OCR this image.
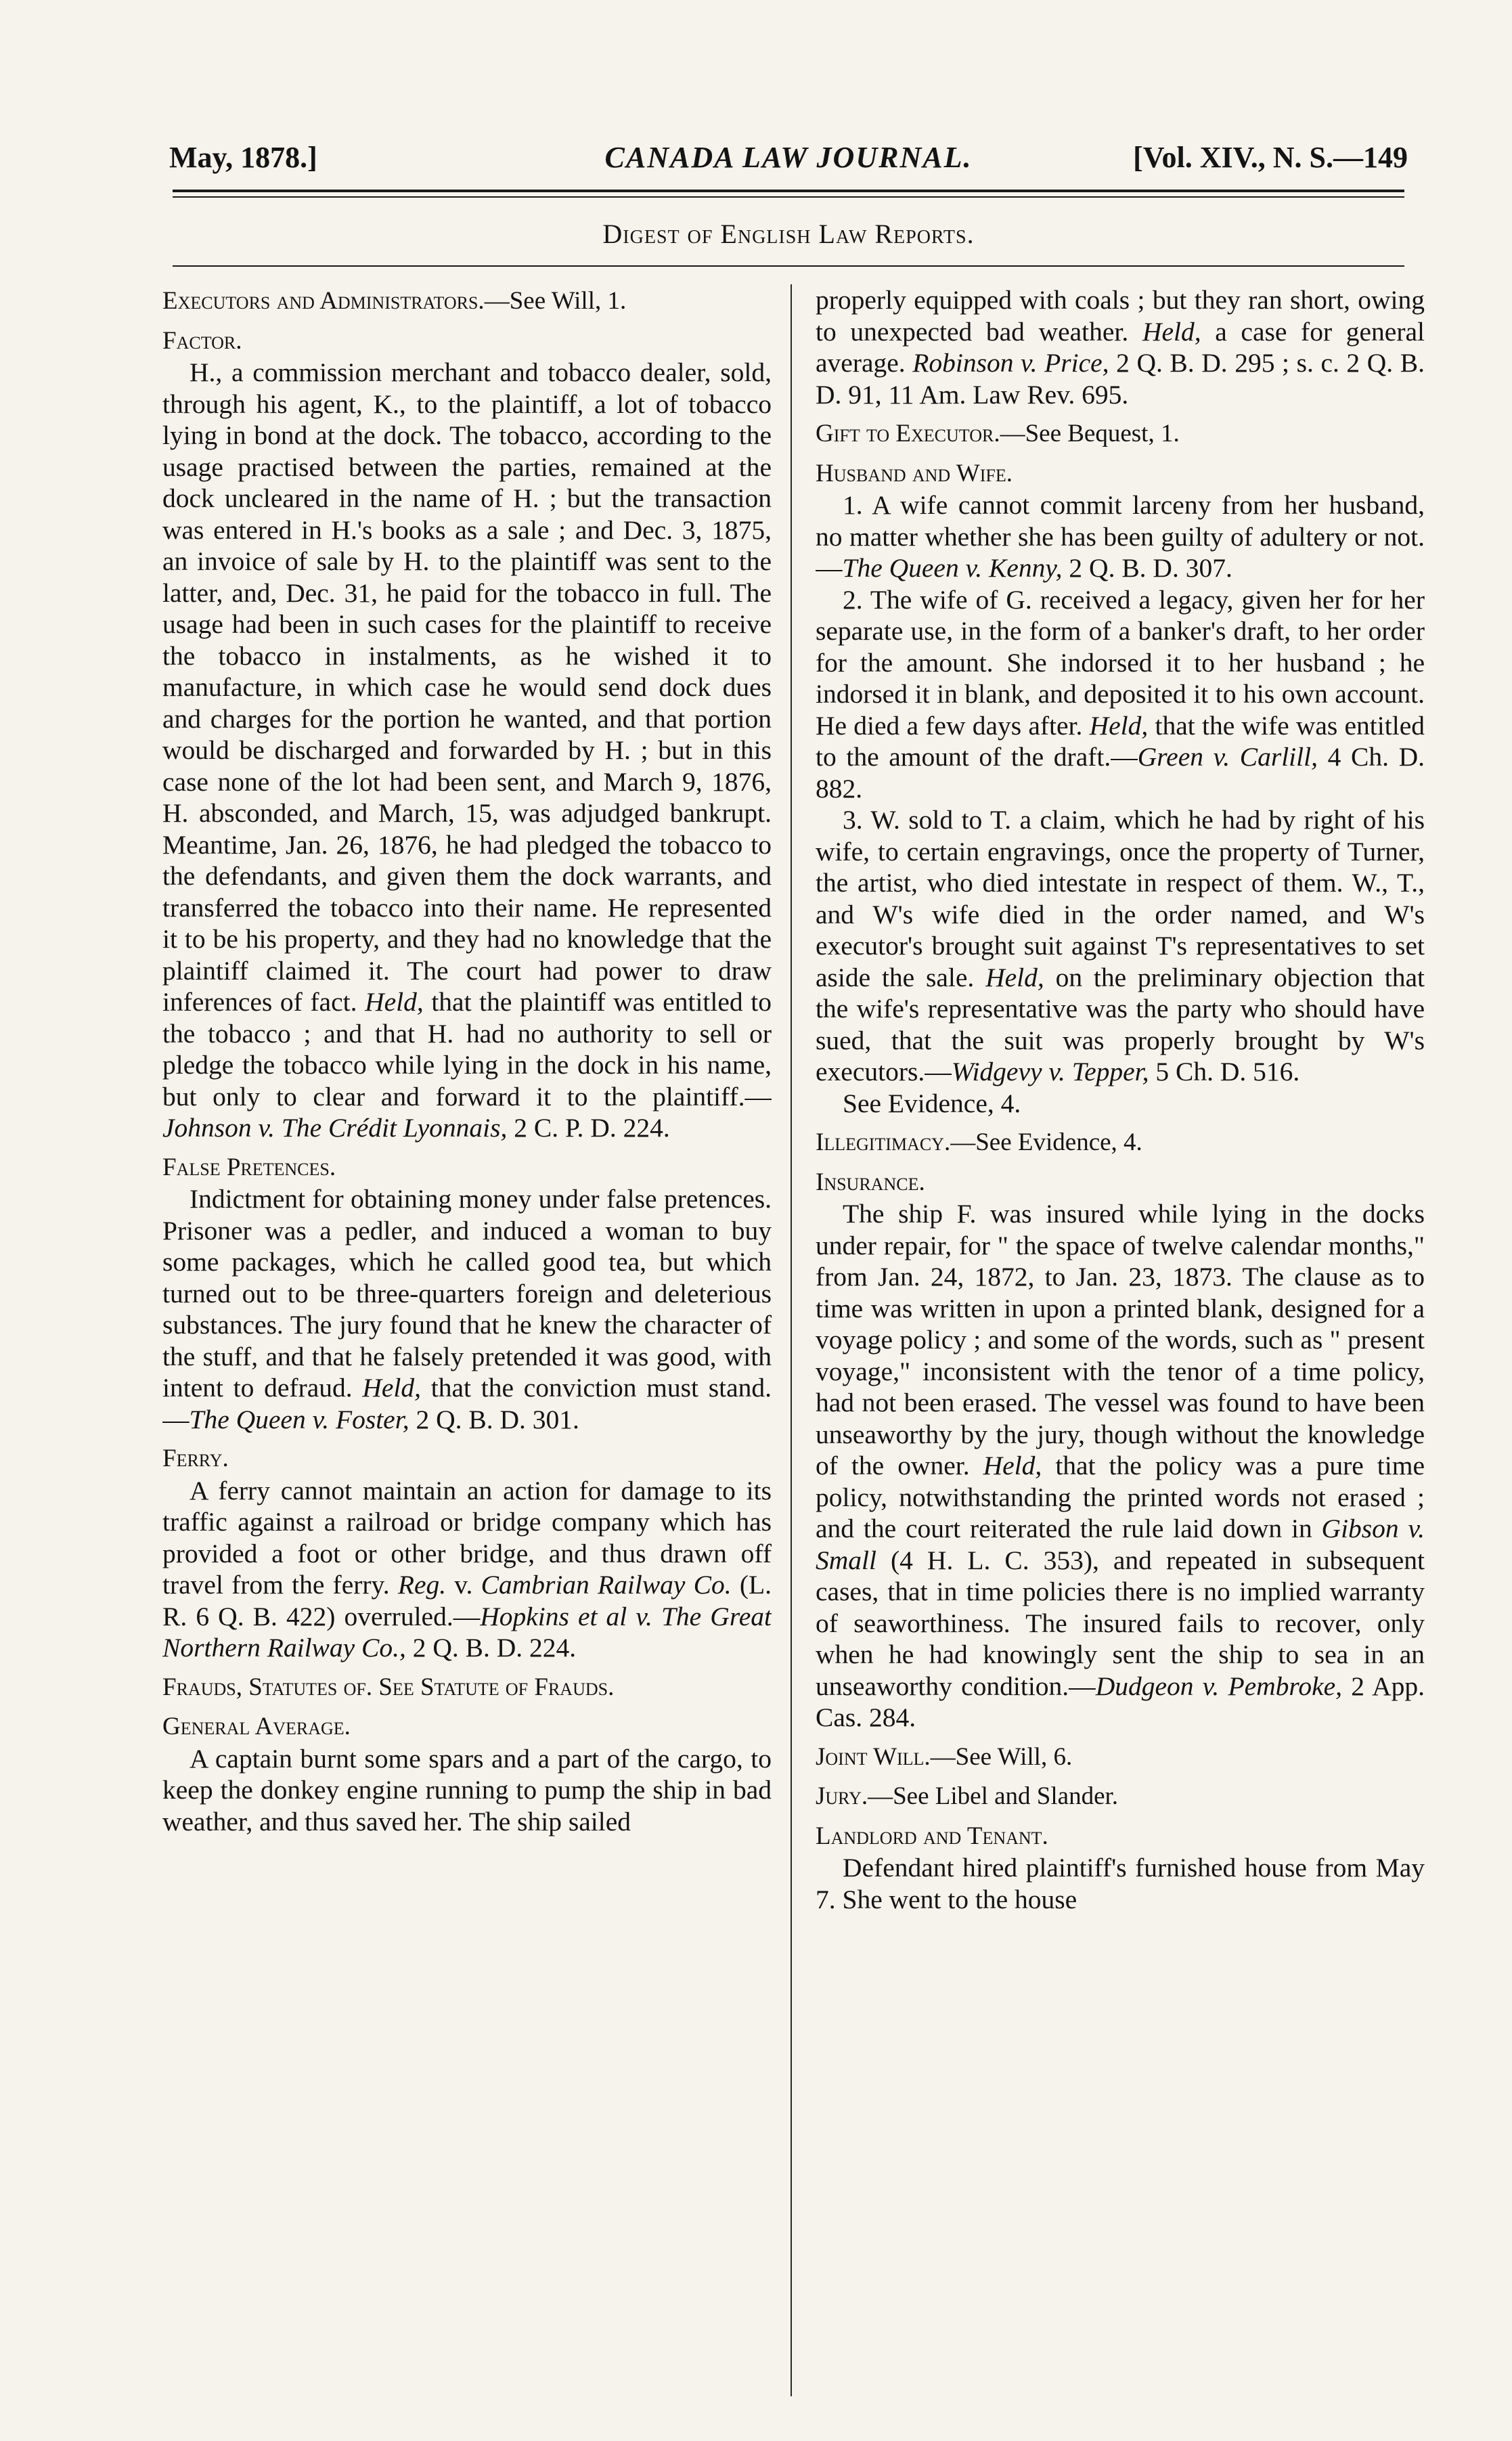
May, 1878.]	CANADA LAW JOURNAL.	[Vol. XIV., N. S.—149
Digest of English Law Reports.
Executors and Administrators.—See Will, 1.
Factor.

H., a commission merchant and tobacco dealer, sold, through his agent, K., to the plaintiff, a lot of tobacco lying in bond at the dock. The tobacco, according to the usage practised between the parties, remained at the dock uncleared in the name of H. ; but the transaction was entered in H.'s books as a sale ; and Dec. 3, 1875, an invoice of sale by H. to the plaintiff was sent to the latter, and, Dec. 31, he paid for the tobacco in full. The usage had been in such cases for the plaintiff to receive the tobacco in instalments, as he wished it to manufacture, in which case he would send dock dues and charges for the portion he wanted, and that portion would be discharged and forwarded by H. ; but in this case none of the lot had been sent, and March 9, 1876, H. absconded, and March, 15, was adjudged bankrupt. Meantime, Jan. 26, 1876, he had pledged the tobacco to the defendants, and given them the dock warrants, and transferred the tobacco into their name. He represented it to be his property, and they had no knowledge that the plaintiff claimed it. The court had power to draw inferences of fact. Held, that the plaintiff was entitled to the tobacco ; and that H. had no authority to sell or pledge the tobacco while lying in the dock in his name, but only to clear and forward it to the plaintiff.—Johnson v. The Crédit Lyonnais, 2 C. P. D. 224.

False Pretences.

Indictment for obtaining money under false pretences. Prisoner was a pedler, and induced a woman to buy some packages, which he called good tea, but which turned out to be three-quarters foreign and deleterious substances. The jury found that he knew the character of the stuff, and that he falsely pretended it was good, with intent to defraud. Held, that the conviction must stand.—The Queen v. Foster, 2 Q. B. D. 301.

Ferry.

A ferry cannot maintain an action for damage to its traffic against a railroad or bridge company which has provided a foot or other bridge, and thus drawn off travel from the ferry. Reg. v. Cambrian Railway Co. (L. R. 6 Q. B. 422) overruled.—Hopkins et al v. The Great Northern Railway Co., 2 Q. B. D. 224.

Frauds, Statutes of. See Statute of Frauds.
General Average.

A captain burnt some spars and a part of the cargo, to keep the donkey engine running to pump the ship in bad weather, and thus saved her. The ship sailed

properly equipped with coals ; but they ran short, owing to unexpected bad weather. Held, a case for general average. Robinson v. Price, 2 Q. B. D. 295 ; s. c. 2 Q. B. D. 91, 11 Am. Law Rev. 695.

Gift to Executor.—See Bequest, 1.
Husband and Wife.

1. A wife cannot commit larceny from her husband, no matter whether she has been guilty of adultery or not.—The Queen v. Kenny, 2 Q. B. D. 307.

2. The wife of G. received a legacy, given her for her separate use, in the form of a banker's draft, to her order for the amount. She indorsed it to her husband ; he indorsed it in blank, and deposited it to his own account. He died a few days after. Held, that the wife was entitled to the amount of the draft.—Green v. Carlill, 4 Ch. D. 882.

3. W. sold to T. a claim, which he had by right of his wife, to certain engravings, once the property of Turner, the artist, who died intestate in respect of them. W., T., and W's wife died in the order named, and W's executor's brought suit against T's representatives to set aside the sale. Held, on the preliminary objection that the wife's representative was the party who should have sued, that the suit was properly brought by W's executors.—Widgevy v. Tepper, 5 Ch. D. 516.

See Evidence, 4.

Illegitimacy.—See Evidence, 4.
Insurance.

The ship F. was insured while lying in the docks under repair, for " the space of twelve calendar months," from Jan. 24, 1872, to Jan. 23, 1873. The clause as to time was written in upon a printed blank, designed for a voyage policy ; and some of the words, such as " present voyage," inconsistent with the tenor of a time policy, had not been erased. The vessel was found to have been unseaworthy by the jury, though without the knowledge of the owner. Held, that the policy was a pure time policy, notwithstanding the printed words not erased ; and the court reiterated the rule laid down in Gibson v. Small (4 H. L. C. 353), and repeated in subsequent cases, that in time policies there is no implied warranty of seaworthiness. The insured fails to recover, only when he had knowingly sent the ship to sea in an unseaworthy condition.—Dudgeon v. Pembroke, 2 App. Cas. 284.

Joint Will.—See Will, 6.
Jury.—See Libel and Slander.
Landlord and Tenant.

Defendant hired plaintiff's furnished house from May 7. She went to the house
